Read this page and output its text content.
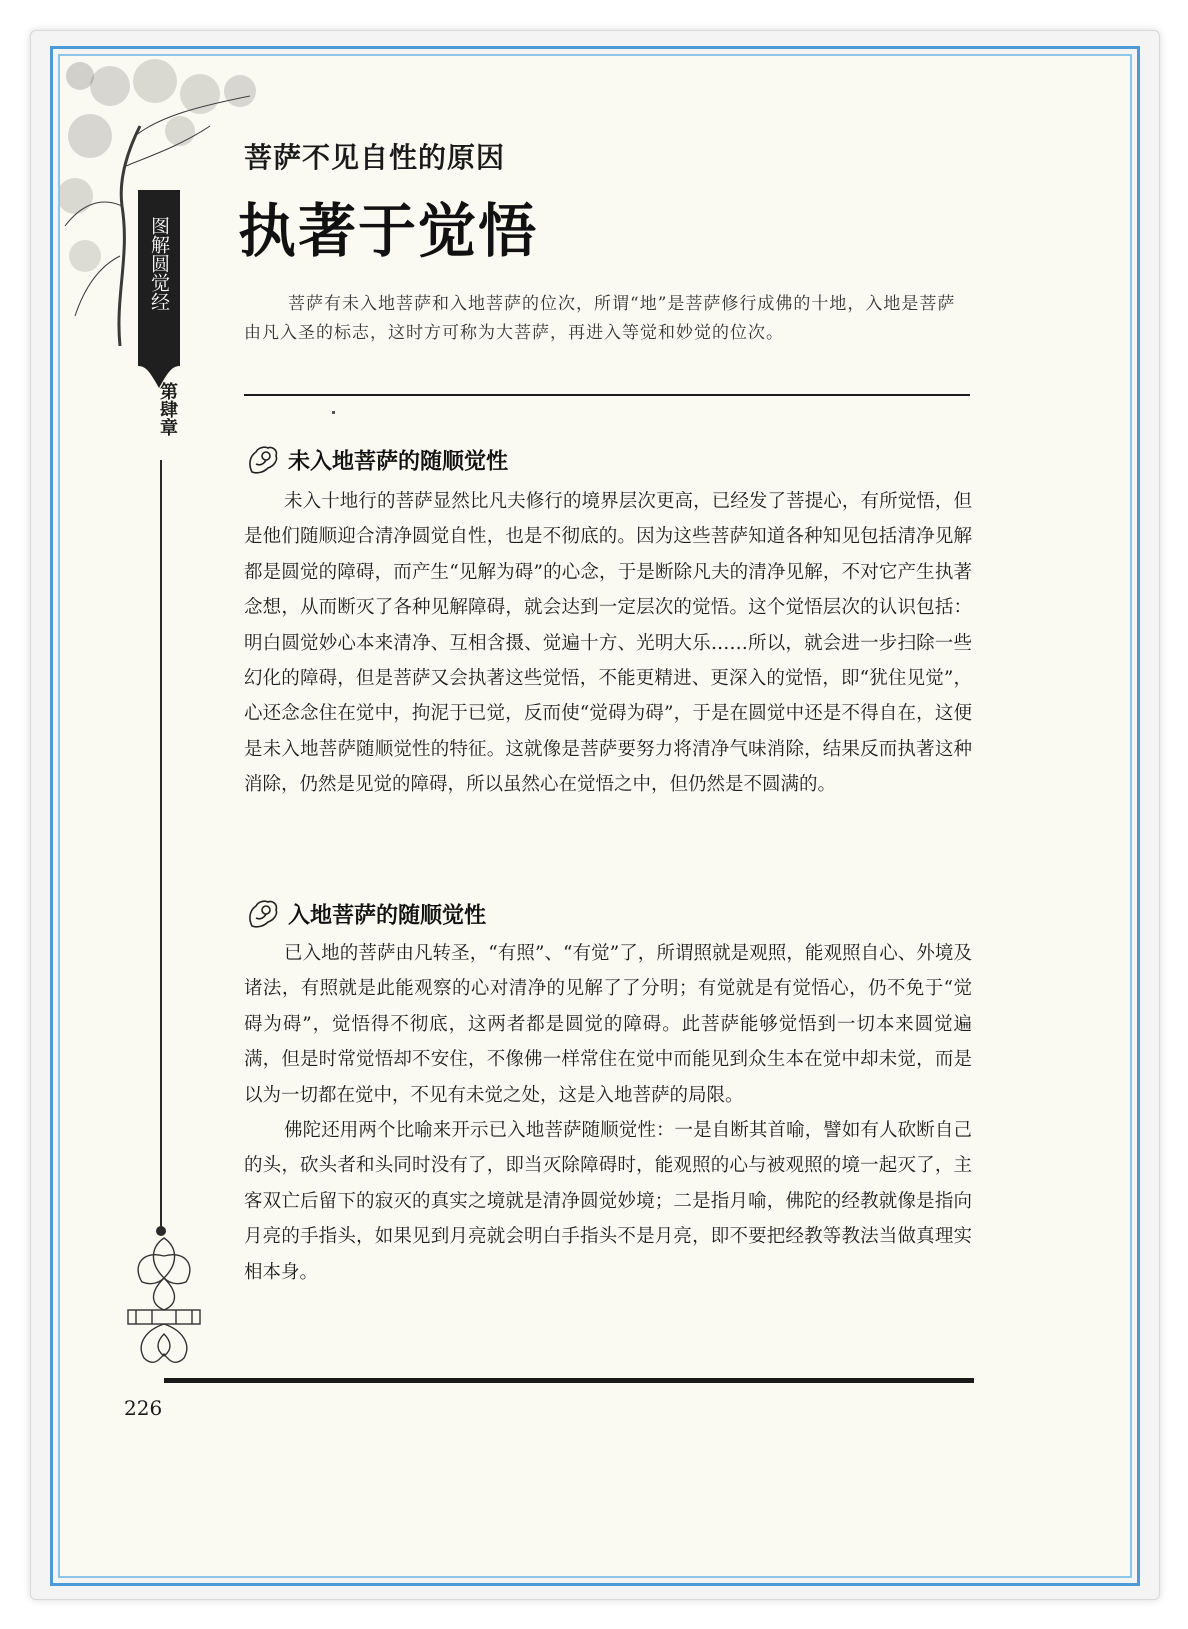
图解圆觉经
第肆章
菩萨不见自性的原因
执著于觉悟
菩萨有未入地菩萨和入地菩萨的位次，所谓“地”是菩萨修行成佛的十地，入地是菩萨由凡入圣的标志，这时方可称为大菩萨，再进入等觉和妙觉的位次。
未入地菩萨的随顺觉性

未入十地行的菩萨显然比凡夫修行的境界层次更高，已经发了菩提心，有所觉悟，但是他们随顺迎合清净圆觉自性，也是不彻底的。因为这些菩萨知道各种知见包括清净见解都是圆觉的障碍，而产生“见解为碍”的心念，于是断除凡夫的清净见解，不对它产生执著念想，从而断灭了各种见解障碍，就会达到一定层次的觉悟。这个觉悟层次的认识包括：明白圆觉妙心本来清净、互相含摄、觉遍十方、光明大乐……所以，就会进一步扫除一些幻化的障碍，但是菩萨又会执著这些觉悟，不能更精进、更深入的觉悟，即“犹住见觉”，心还念念住在觉中，拘泥于已觉，反而使“觉碍为碍”，于是在圆觉中还是不得自在，这便是未入地菩萨随顺觉性的特征。这就像是菩萨要努力将清净气味消除，结果反而执著这种消除，仍然是见觉的障碍，所以虽然心在觉悟之中，但仍然是不圆满的。

入地菩萨的随顺觉性

已入地的菩萨由凡转圣，“有照”、“有觉”了，所谓照就是观照，能观照自心、外境及诸法，有照就是此能观察的心对清净的见解了了分明；有觉就是有觉悟心，仍不免于“觉碍为碍”，觉悟得不彻底，这两者都是圆觉的障碍。此菩萨能够觉悟到一切本来圆觉遍满，但是时常觉悟却不安住，不像佛一样常住在觉中而能见到众生本在觉中却未觉，而是以为一切都在觉中，不见有未觉之处，这是入地菩萨的局限。

佛陀还用两个比喻来开示已入地菩萨随顺觉性：一是自断其首喻，譬如有人砍断自己的头，砍头者和头同时没有了，即当灭除障碍时，能观照的心与被观照的境一起灭了，主客双亡后留下的寂灭的真实之境就是清净圆觉妙境；二是指月喻，佛陀的经教就像是指向月亮的手指头，如果见到月亮就会明白手指头不是月亮，即不要把经教等教法当做真理实相本身。

226
